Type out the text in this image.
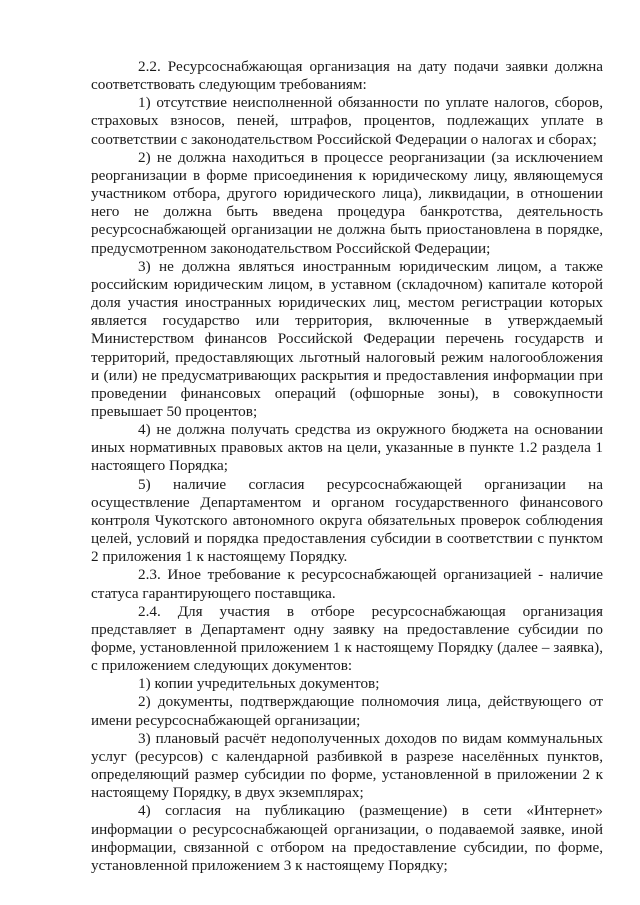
2.2. Ресурсоснабжающая организация на дату подачи заявки должна соответствовать следующим требованиям:

1) отсутствие неисполненной обязанности по уплате налогов, сборов, страховых взносов, пеней, штрафов, процентов, подлежащих уплате в соответствии с законодательством Российской Федерации о налогах и сборах;

2) не должна находиться в процессе реорганизации (за исключением реорганизации в форме присоединения к юридическому лицу, являющемуся участником отбора, другого юридического лица), ликвидации, в отношении него не должна быть введена процедура банкротства, деятельность ресурсоснабжающей организации не должна быть приостановлена в порядке, предусмотренном законодательством Российской Федерации;

3) не должна являться иностранным юридическим лицом, а также российским юридическим лицом, в уставном (складочном) капитале которой доля участия иностранных юридических лиц, местом регистрации которых является государство или территория, включенные в утверждаемый Министерством финансов Российской Федерации перечень государств и территорий, предоставляющих льготный налоговый режим налогообложения и (или) не предусматривающих раскрытия и предоставления информации при проведении финансовых операций (офшорные зоны), в совокупности превышает 50 процентов;

4) не должна получать средства из окружного бюджета на основании иных нормативных правовых актов на цели, указанные в пункте 1.2 раздела 1 настоящего Порядка;

5) наличие согласия ресурсоснабжающей организации на осуществление Департаментом и органом государственного финансового контроля Чукотского автономного округа обязательных проверок соблюдения целей, условий и порядка предоставления субсидии в соответствии с пунктом 2 приложения 1 к настоящему Порядку.

2.3. Иное требование к ресурсоснабжающей организацией - наличие статуса гарантирующего поставщика.

2.4. Для участия в отборе ресурсоснабжающая организация представляет в Департамент одну заявку на предоставление субсидии по форме, установленной приложением 1 к настоящему Порядку (далее – заявка), с приложением следующих документов:

1) копии учредительных документов;

2) документы, подтверждающие полномочия лица, действующего от имени ресурсоснабжающей организации;

3) плановый расчёт недополученных доходов по видам коммунальных услуг (ресурсов) с календарной разбивкой в разрезе населённых пунктов, определяющий размер субсидии по форме, установленной в приложении 2 к настоящему Порядку, в двух экземплярах;

4) согласия на публикацию (размещение) в сети «Интернет» информации о ресурсоснабжающей организации, о подаваемой заявке, иной информации, связанной с отбором на предоставление субсидии, по форме, установленной приложением 3 к настоящему Порядку;
